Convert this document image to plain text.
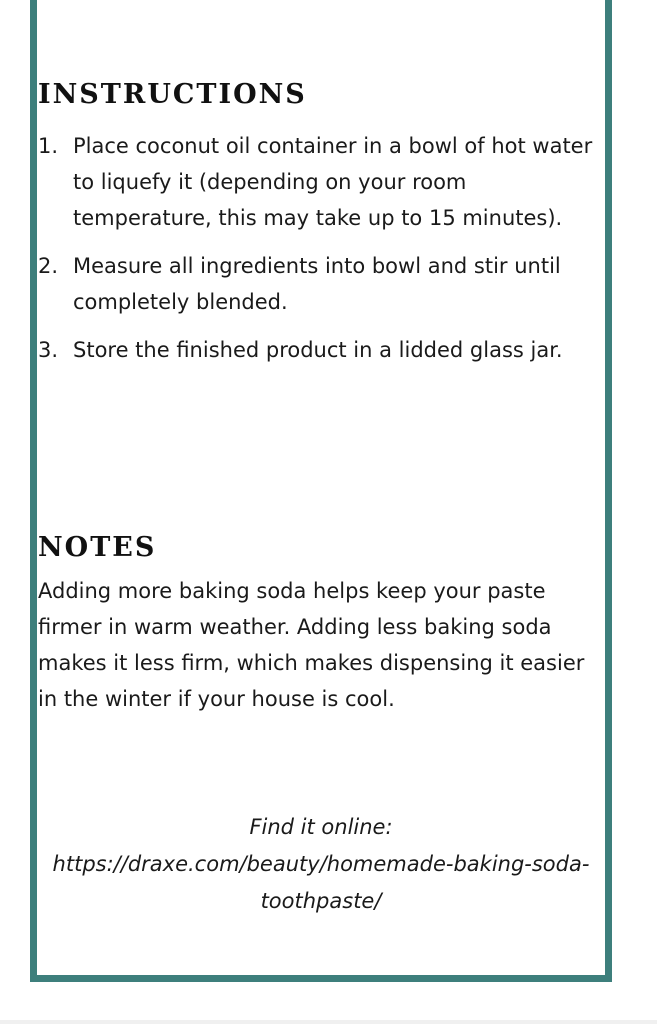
INSTRUCTIONS
1. Place coconut oil container in a bowl of hot water to liquefy it (depending on your room temperature, this may take up to 15 minutes).
2. Measure all ingredients into bowl and stir until completely blended.
3. Store the finished product in a lidded glass jar.
NOTES

Adding more baking soda helps keep your paste firmer in warm weather. Adding less baking soda makes it less firm, which makes dispensing it easier in the winter if your house is cool.

Find it online:
https://draxe.com/beauty/homemade-baking-soda-toothpaste/
